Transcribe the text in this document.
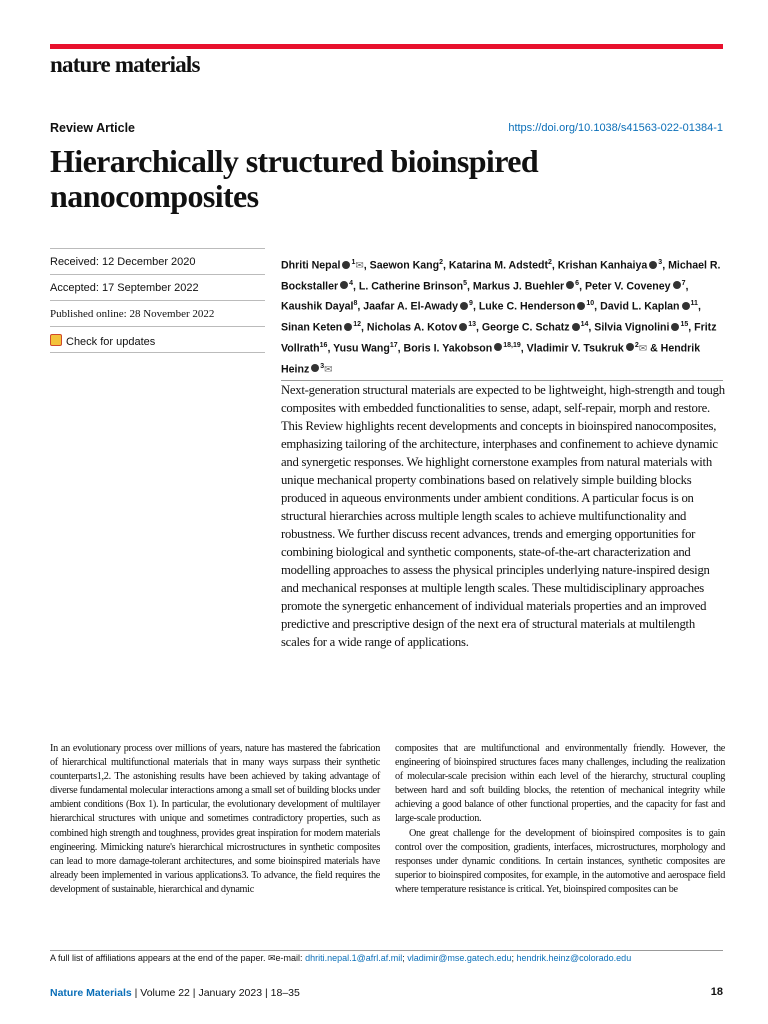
nature materials
Review Article	https://doi.org/10.1038/s41563-022-01384-1
Hierarchically structured bioinspired
nanocomposites
Received: 12 December 2020
Accepted: 17 September 2022
Published online: 28 November 2022
Check for updates
Dhriti Nepal $^1$✉, Saewon Kang$^2$, Katarina M. Adstedt$^2$, Krishan Kanhaiya $^3$, Michael R. Bockstaller $^4$, L. Catherine Brinson$^5$, Markus J. Buehler $^6$, Peter V. Coveney $^7$, Kaushik Dayal$^8$, Jaafar A. El-Awady $^9$, Luke C. Henderson $^{10}$, David L. Kaplan $^{11}$, Sinan Keten $^{12}$, Nicholas A. Kotov $^{13}$, George C. Schatz $^{14}$, Silvia Vignolini $^{15}$, Fritz Vollrath$^{16}$, Yusu Wang$^{17}$, Boris I. Yakobson $^{18,19}$, Vladimir V. Tsukruk $^2$✉ & Hendrik Heinz $^3$✉
Next-generation structural materials are expected to be lightweight, high-strength and tough composites with embedded functionalities to sense, adapt, self-repair, morph and restore. This Review highlights recent developments and concepts in bioinspired nanocomposites, emphasizing tailoring of the architecture, interphases and confinement to achieve dynamic and synergetic responses. We highlight cornerstone examples from natural materials with unique mechanical property combinations based on relatively simple building blocks produced in aqueous environments under ambient conditions. A particular focus is on structural hierarchies across multiple length scales to achieve multifunctionality and robustness. We further discuss recent advances, trends and emerging opportunities for combining biological and synthetic components, state-of-the-art characterization and modelling approaches to assess the physical principles underlying nature-inspired design and mechanical responses at multiple length scales. These multidisciplinary approaches promote the synergetic enhancement of individual materials properties and an improved predictive and prescriptive design of the next era of structural materials at multilength scales for a wide range of applications.
In an evolutionary process over millions of years, nature has mastered the fabrication of hierarchical multifunctional materials that in many ways surpass their synthetic counterparts1,2. The astonishing results have been achieved by taking advantage of diverse fundamental molecular interactions among a small set of building blocks under ambient conditions (Box 1). In particular, the evolutionary development of multilayer hierarchical structures with unique and sometimes contradictory properties, such as combined high strength and toughness, provides great inspiration for modern materials engineering. Mimicking nature's hierarchical microstructures in synthetic composites can lead to more damage-tolerant architectures, and some bioinspired materials have already been implemented in various applications3. To advance, the field requires the development of sustainable, hierarchical and dynamic
composites that are multifunctional and environmentally friendly. However, the engineering of bioinspired structures faces many challenges, including the realization of molecular-scale precision within each level of the hierarchy, structural coupling between hard and soft building blocks, the retention of mechanical integrity while achieving a good balance of other functional properties, and the capacity for fast and large-scale production.
One great challenge for the development of bioinspired composites is to gain control over the composition, gradients, interfaces, microstructures, morphology and responses under dynamic conditions. In certain instances, synthetic composites are superior to bioinspired composites, for example, in the automotive and aerospace field where temperature resistance is critical. Yet, bioinspired composites can be
A full list of affiliations appears at the end of the paper. ✉e-mail: dhriti.nepal.1@afrl.af.mil; vladimir@mse.gatech.edu; hendrik.heinz@colorado.edu
Nature Materials | Volume 22 | January 2023 | 18–35	18
